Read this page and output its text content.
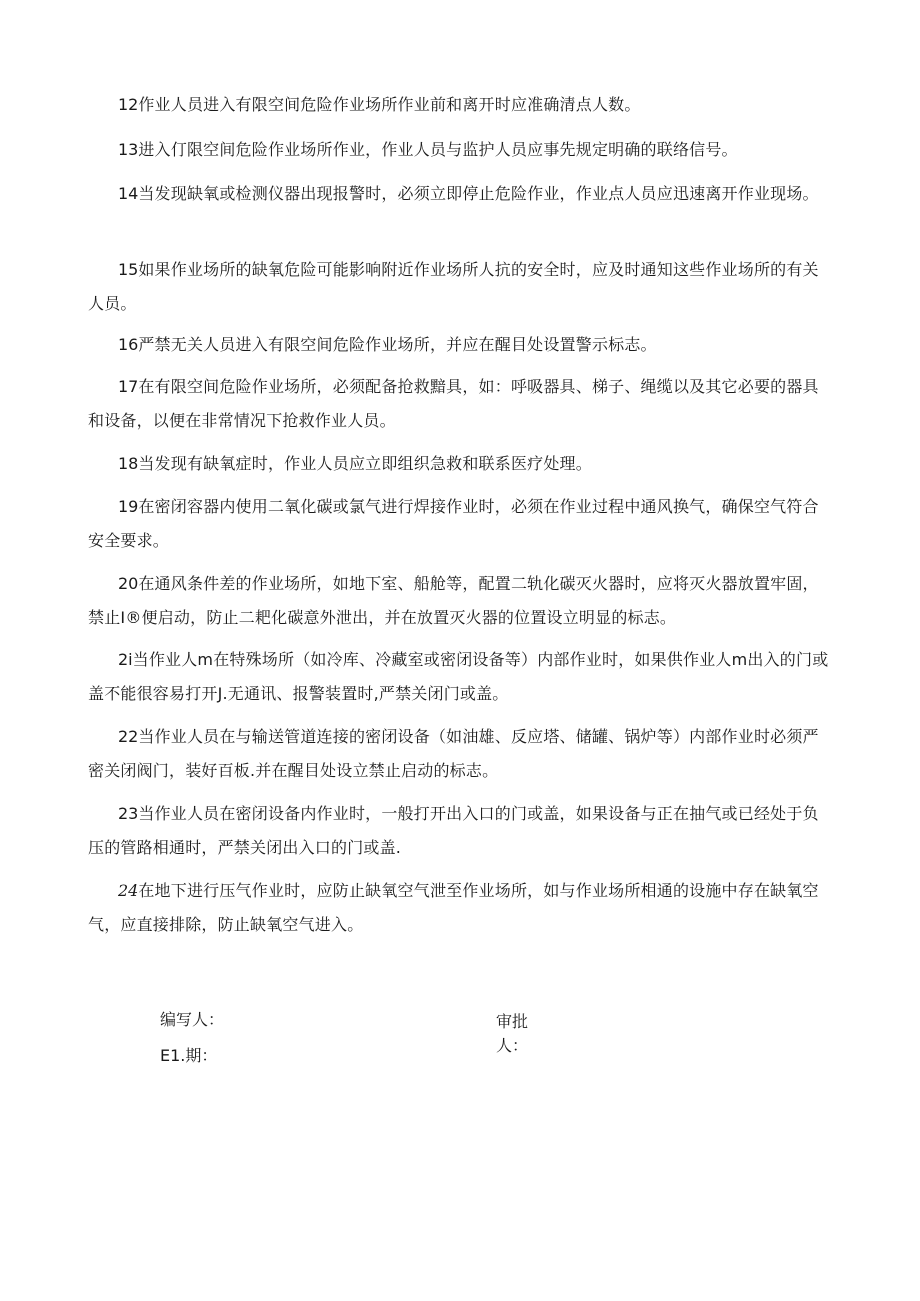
12作业人员进入有限空间危险作业场所作业前和离开时应准确清点人数。

13进入仃限空间危险作业场所作业，作业人员与监护人员应事先规定明确的联络信号。

14当发现缺氧或检测仪器出现报警时，必须立即停止危险作业，作业点人员应迅速离开作业现场。

15如果作业场所的缺氧危险可能影响附近作业场所人抗的安全时，应及时通知这些作业场所的有关人员。

16严禁无关人员进入有限空间危险作业场所，并应在醒目处设置警示标志。

17在有限空间危险作业场所，必须配备抢救黯具，如：呼吸器具、梯子、绳缆以及其它必要的器具和设备，以便在非常情况下抢救作业人员。

18当发现有缺氧症时，作业人员应立即组织急救和联系医疗处理。

19在密闭容器内使用二氧化碳或氯气进行焊接作业时，必须在作业过程中通风换气，确保空气符合安全要求。

20在通风条件差的作业场所，如地下室、船舱等，配置二轨化碳灭火器时，应将灭火器放置牢固，禁止I®便启动，防止二耙化碳意外泄出，并在放置灭火器的位置设立明显的标志。

2i当作业人m在特殊场所（如冷库、冷藏室或密闭设备等）内部作业时，如果供作业人m出入的门或盖不能很容易打开J.无通讯、报警装置时,严禁关闭门或盖。

22当作业人员在与输送管道连接的密闭设备（如油雄、反应塔、储罐、锅炉等）内部作业时必须严密关闭阀门，装好百板.并在醒目处设立禁止启动的标志。

23当作业人员在密闭设备内作业时，一般打开出入口的门或盖，如果设备与正在抽气或已经处于负压的管路相通时，严禁关闭出入口的门或盖.

24在地下进行压气作业时，应防止缺氧空气泄至作业场所，如与作业场所相通的设施中存在缺氧空气，应直接排除，防止缺氧空气进入。

编写人：

E1.期：

审批人：
